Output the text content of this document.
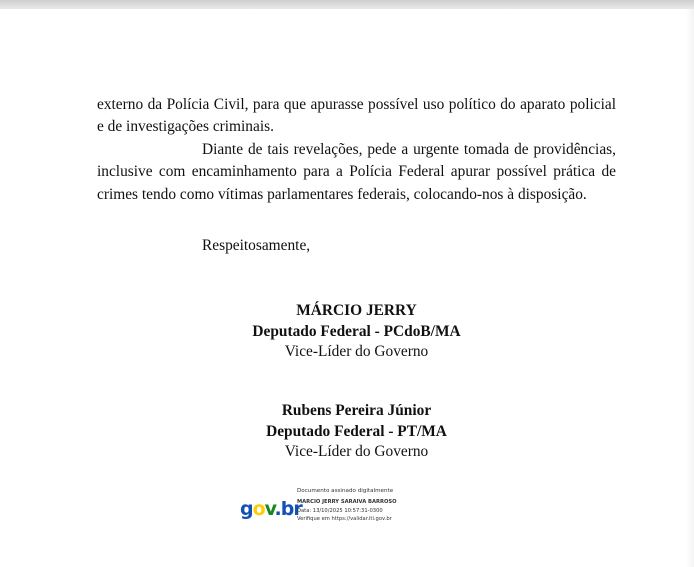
externo da Polícia Civil, para que apurasse possível uso político do aparato policial e de investigações criminais.

Diante de tais revelações, pede a urgente tomada de providências, inclusive com encaminhamento para a Polícia Federal apurar possível prática de crimes tendo como vítimas parlamentares federais, colocando-nos à disposição.

Respeitosamente,
MÁRCIO JERRY
Deputado Federal - PCdoB/MA
Vice-Líder do Governo
Rubens Pereira Júnior
Deputado Federal - PT/MA
Vice-Líder do Governo
gov.br
Documento assinado digitalmente
MARCIO JERRY SARAIVA BARROSO
Data: 13/10/2025 10:57:31-0300
Verifique em https://validar.iti.gov.br
